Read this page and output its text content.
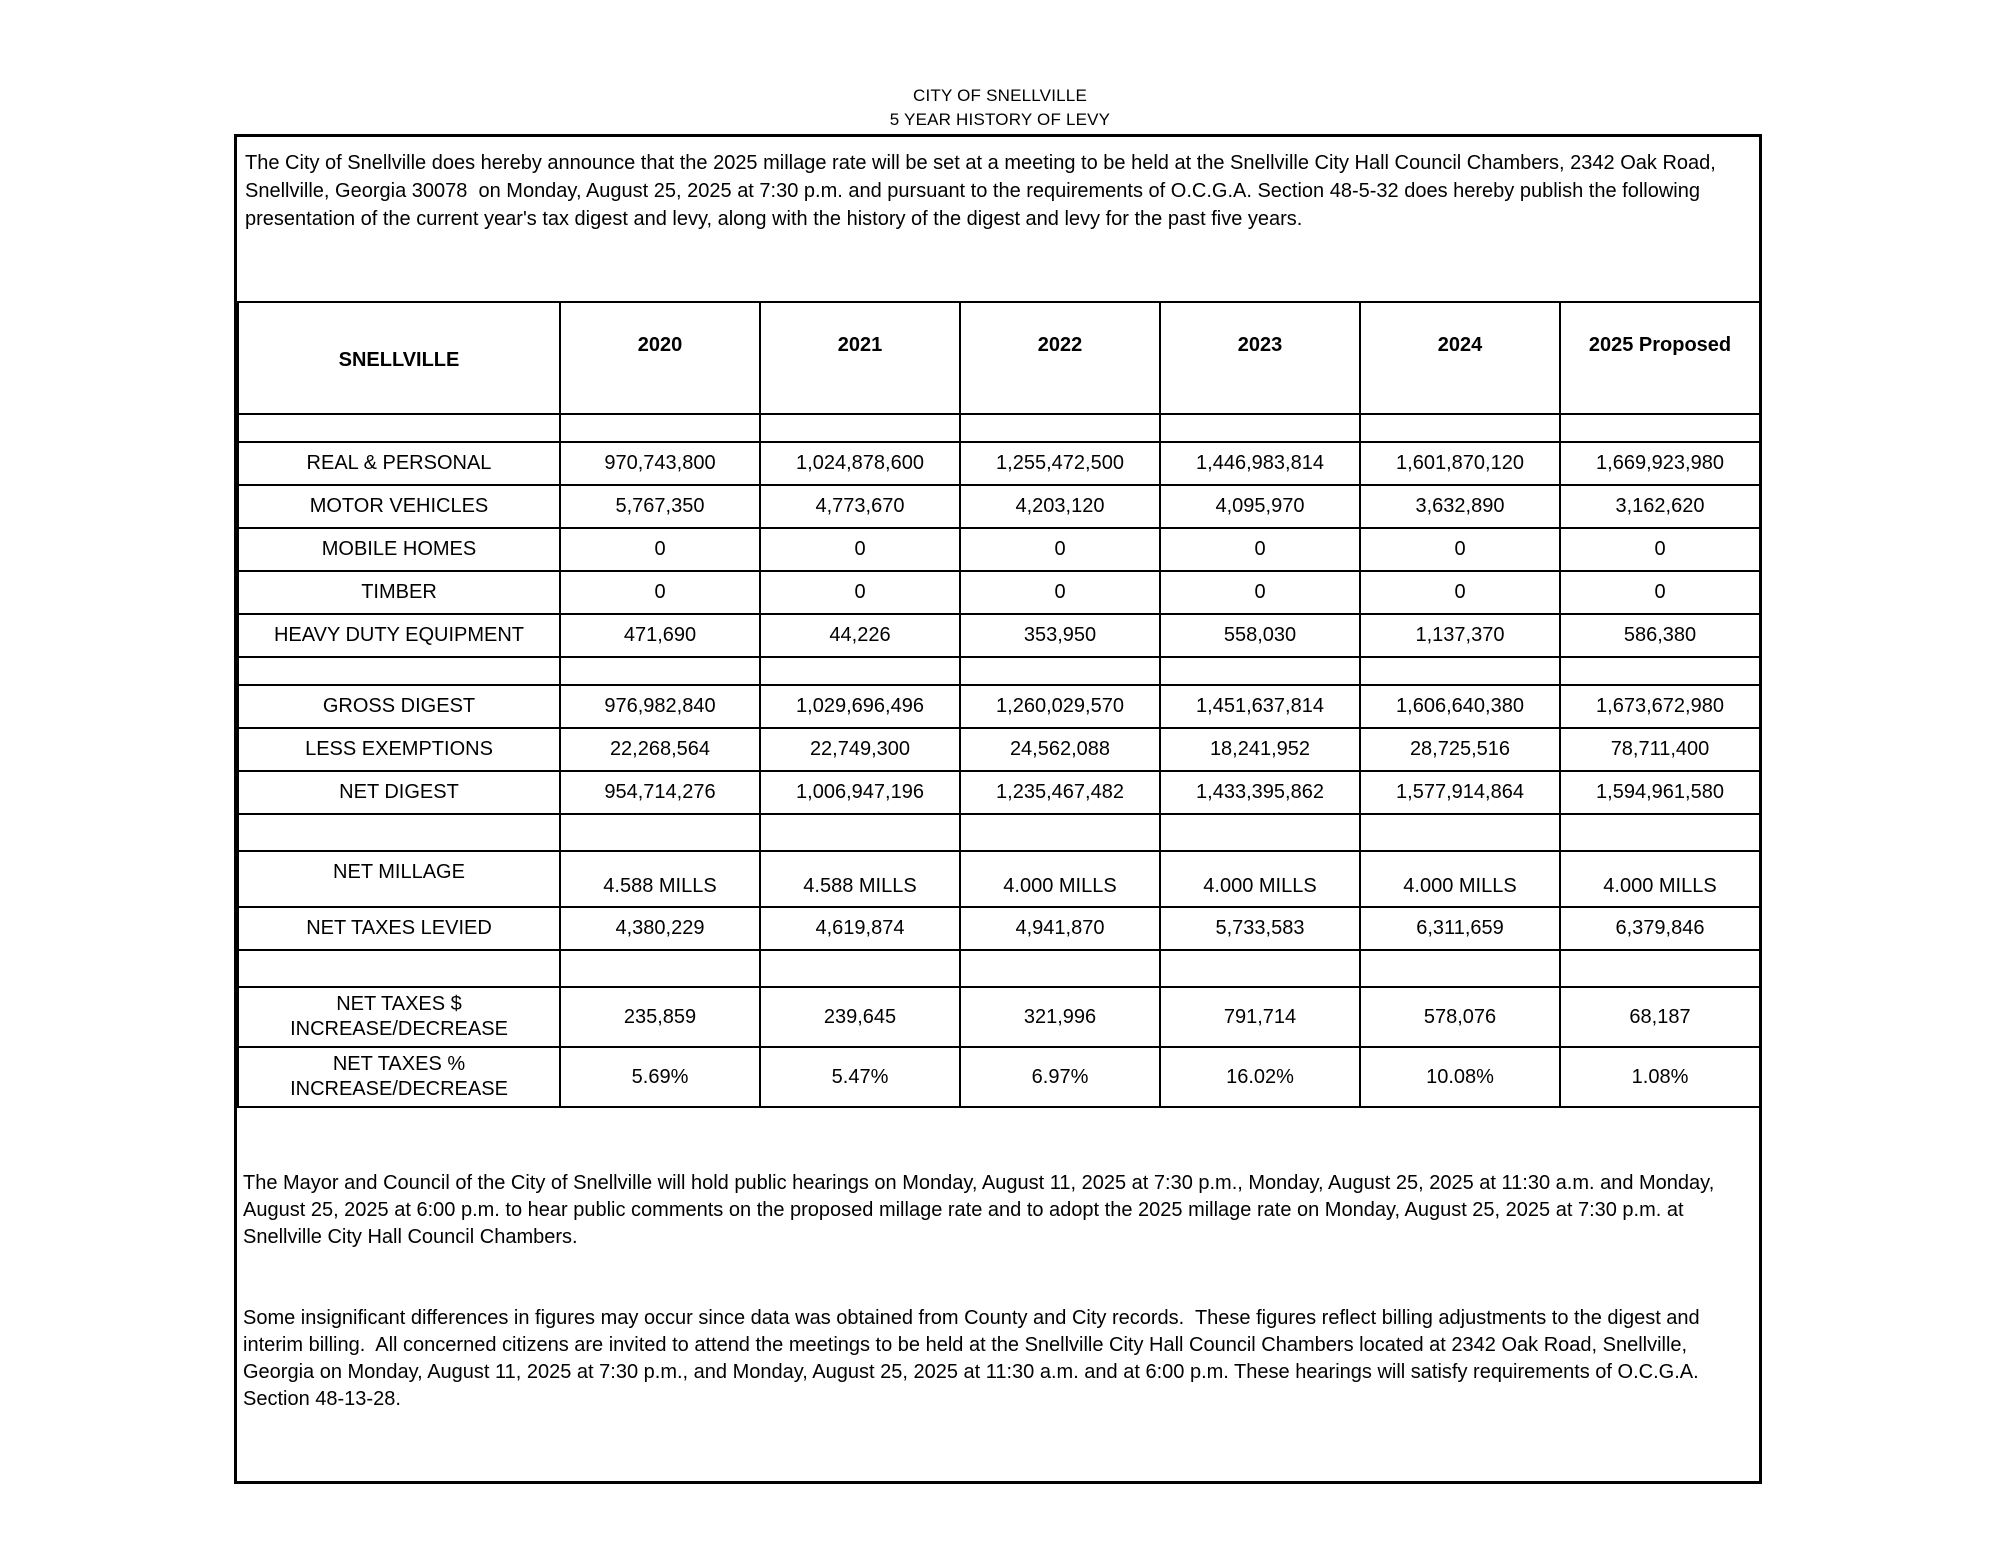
CITY OF SNELLVILLE
5 YEAR HISTORY OF LEVY
The City of Snellville does hereby announce that the 2025 millage rate will be set at a meeting to be held at the Snellville City Hall Council Chambers, 2342 Oak Road, Snellville, Georgia 30078  on Monday, August 25, 2025 at 7:30 p.m. and pursuant to the requirements of O.C.G.A. Section 48-5-32 does hereby publish the following presentation of the current year's tax digest and levy, along with the history of the digest and levy for the past five years.
SNELLVILLE	2020	2021	2022	2023	2024	2025 Proposed

REAL & PERSONAL	970,743,800	1,024,878,600	1,255,472,500	1,446,983,814	1,601,870,120	1,669,923,980
MOTOR VEHICLES	5,767,350	4,773,670	4,203,120	4,095,970	3,632,890	3,162,620
MOBILE HOMES	0	0	0	0	0	0
TIMBER	0	0	0	0	0	0
HEAVY DUTY EQUIPMENT	471,690	44,226	353,950	558,030	1,137,370	586,380

GROSS DIGEST	976,982,840	1,029,696,496	1,260,029,570	1,451,637,814	1,606,640,380	1,673,672,980
LESS EXEMPTIONS	22,268,564	22,749,300	24,562,088	18,241,952	28,725,516	78,711,400
NET DIGEST	954,714,276	1,006,947,196	1,235,467,482	1,433,395,862	1,577,914,864	1,594,961,580

NET MILLAGE	4.588 MILLS	4.588 MILLS	4.000 MILLS	4.000 MILLS	4.000 MILLS	4.000 MILLS
NET TAXES LEVIED	4,380,229	4,619,874	4,941,870	5,733,583	6,311,659	6,379,846

NET TAXES $
INCREASE/DECREASE	235,859	239,645	321,996	791,714	578,076	68,187
NET TAXES %
INCREASE/DECREASE	5.69%	5.47%	6.97%	16.02%	10.08%	1.08%

The Mayor and Council of the City of Snellville will hold public hearings on Monday, August 11, 2025 at 7:30 p.m., Monday, August 25, 2025 at 11:30 a.m. and Monday, August 25, 2025 at 6:00 p.m. to hear public comments on the proposed millage rate and to adopt the 2025 millage rate on Monday, August 25, 2025 at 7:30 p.m. at Snellville City Hall Council Chambers.

Some insignificant differences in figures may occur since data was obtained from County and City records.  These figures reflect billing adjustments to the digest and interim billing.  All concerned citizens are invited to attend the meetings to be held at the Snellville City Hall Council Chambers located at 2342 Oak Road, Snellville, Georgia on Monday, August 11, 2025 at 7:30 p.m., and Monday, August 25, 2025 at 11:30 a.m. and at 6:00 p.m. These hearings will satisfy requirements of O.C.G.A. Section 48-13-28.
